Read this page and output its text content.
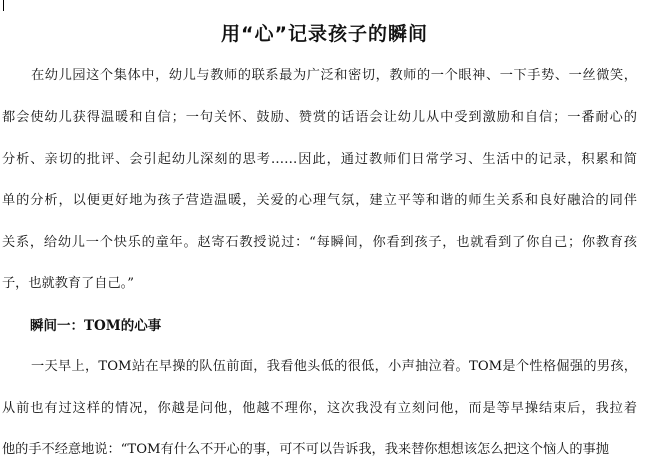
用“心”记录孩子的瞬间
在幼儿园这个集体中，幼儿与教师的联系最为广泛和密切，教师的一个眼神、一下手势、一丝微笑，
都会使幼儿获得温暖和自信；一句关怀、鼓励、赞赏的话语会让幼儿从中受到激励和自信；一番耐心的
分析、亲切的批评、会引起幼儿深刻的思考……因此，通过教师们日常学习、生活中的记录，积累和简
单的分析，以便更好地为孩子营造温暖，关爱的心理气氛，建立平等和谐的师生关系和良好融洽的同伴
关系，给幼儿一个快乐的童年。赵寄石教授说过：“每瞬间，你看到孩子，也就看到了你自己；你教育孩
子，也就教育了自己。”
瞬间一：TOM的心事
一天早上，TOM站在早操的队伍前面，我看他头低的很低，小声抽泣着。TOM是个性格倔强的男孩，
从前也有过这样的情况，你越是问他，他越不理你，这次我没有立刻问他，而是等早操结束后，我拉着
他的手不经意地说：“TOM有什么不开心的事，可不可以告诉我，我来替你想想该怎么把这个恼人的事抛
